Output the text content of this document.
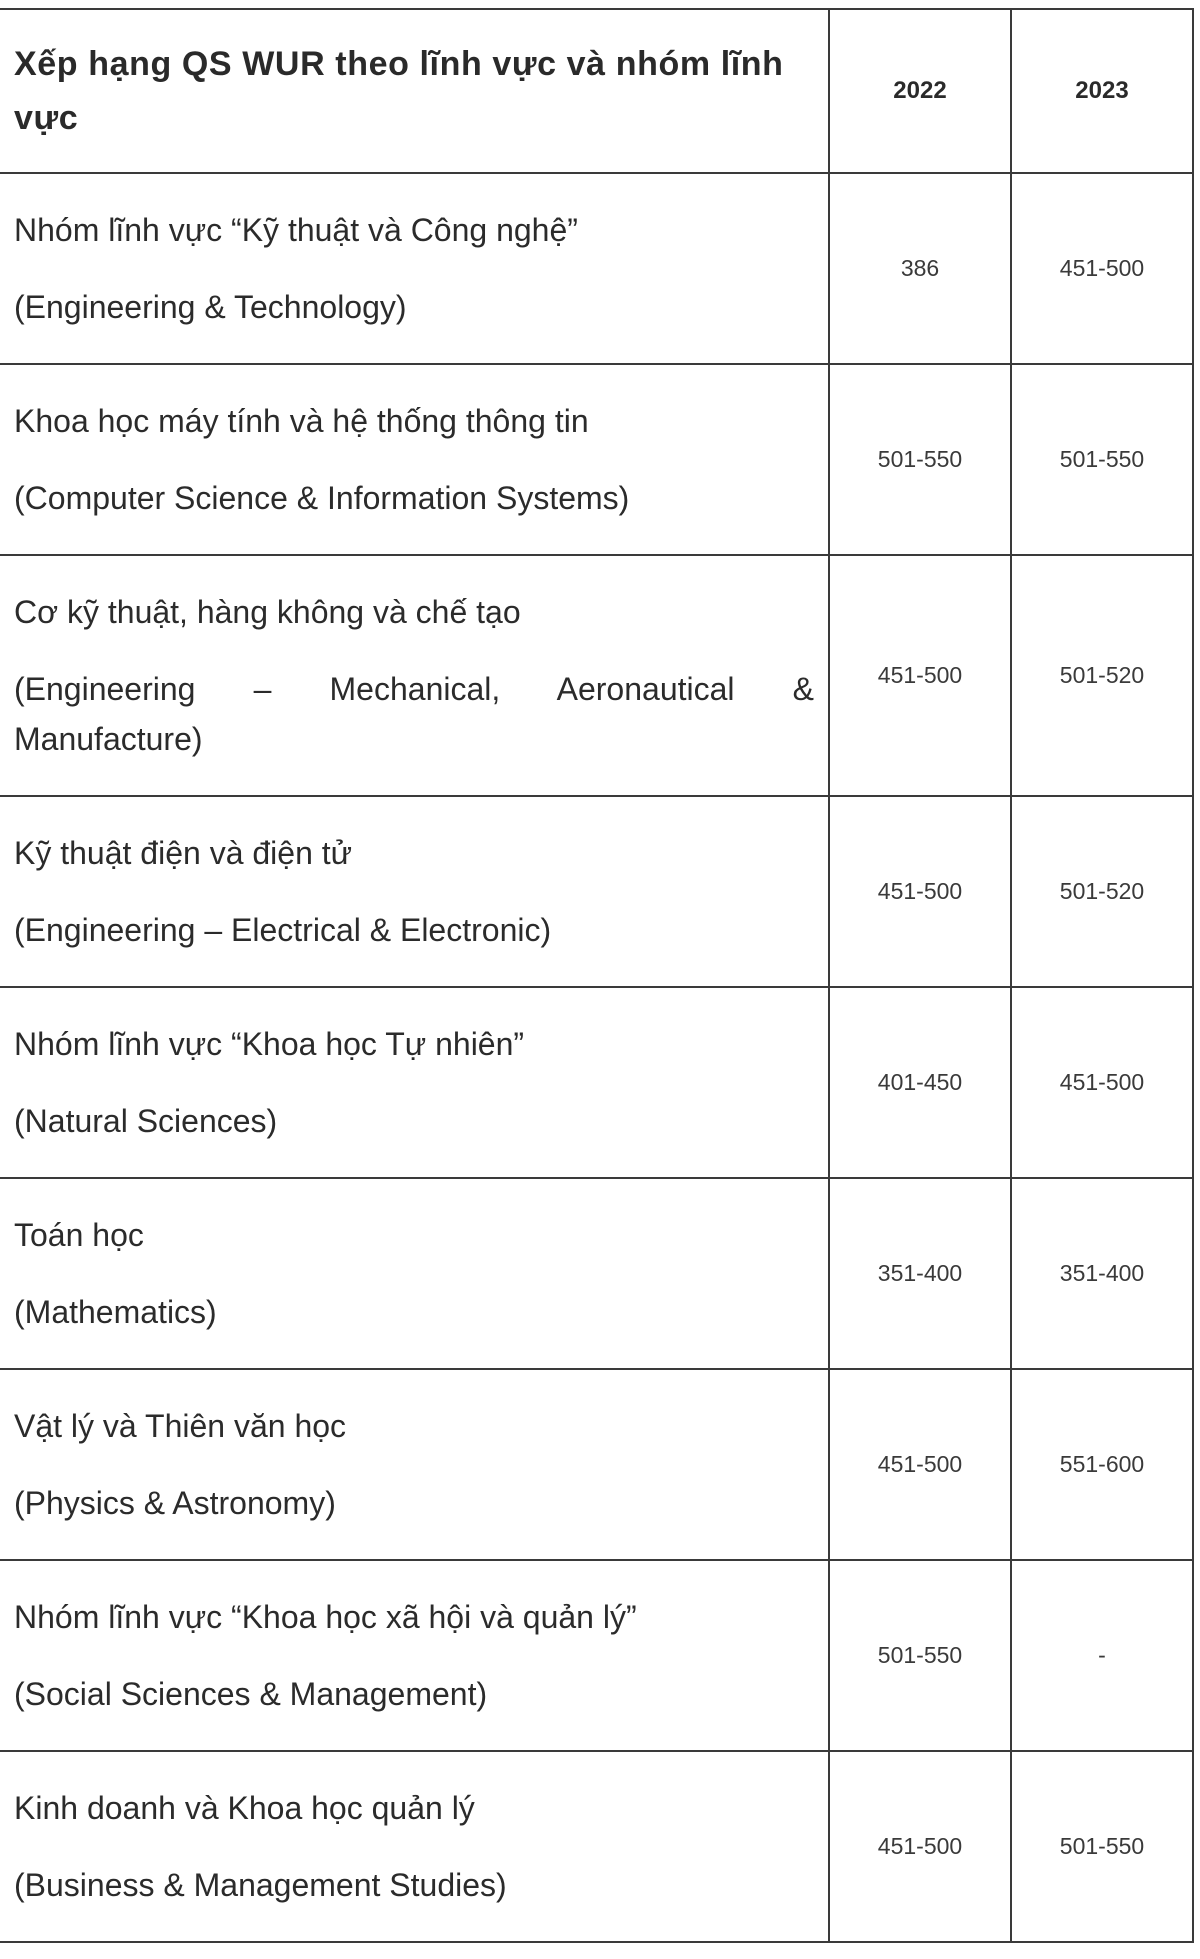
Xếp hạng QS WUR theo lĩnh vực và nhóm lĩnh vực	2022	2023

Nhóm lĩnh vực “Kỹ thuật và Công nghệ”
(Engineering & Technology)	386	451-500

Khoa học máy tính và hệ thống thông tin
(Computer Science & Information Systems)	501-550	501-550

Cơ kỹ thuật, hàng không và chế tạo
(Engineering – Mechanical, Aeronautical & Manufacture)	451-500	501-520

Kỹ thuật điện và điện tử
(Engineering – Electrical & Electronic)	451-500	501-520

Nhóm lĩnh vực “Khoa học Tự nhiên”
(Natural Sciences)	401-450	451-500

Toán học
(Mathematics)	351-400	351-400

Vật lý và Thiên văn học
(Physics & Astronomy)	451-500	551-600

Nhóm lĩnh vực “Khoa học xã hội và quản lý”
(Social Sciences & Management)	501-550	-

Kinh doanh và Khoa học quản lý
(Business & Management Studies)	451-500	501-550
